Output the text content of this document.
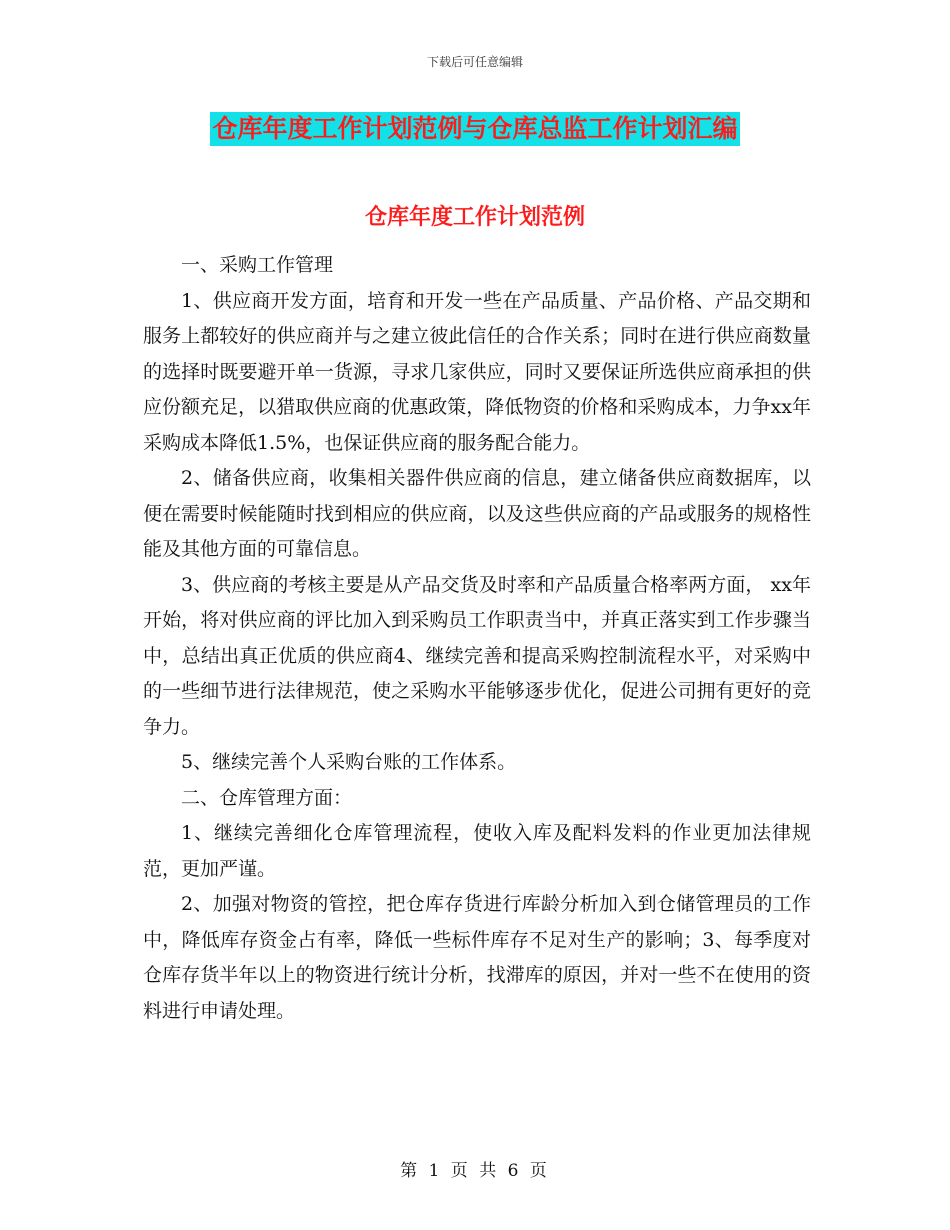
下载后可任意编辑
仓库年度工作计划范例与仓库总监工作计划汇编
仓库年度工作计划范例

一、采购工作管理

1、供应商开发方面，培育和开发一些在产品质量、产品价格、产品交期和服务上都较好的供应商并与之建立彼此信任的合作关系；同时在进行供应商数量的选择时既要避开单一货源，寻求几家供应，同时又要保证所选供应商承担的供应份额充足，以猎取供应商的优惠政策，降低物资的价格和采购成本，力争xx年采购成本降低1.5%，也保证供应商的服务配合能力。

2、储备供应商，收集相关器件供应商的信息，建立储备供应商数据库，以便在需要时候能随时找到相应的供应商，以及这些供应商的产品或服务的规格性能及其他方面的可靠信息。

3、供应商的考核主要是从产品交货及时率和产品质量合格率两方面， xx年开始，将对供应商的评比加入到采购员工作职责当中，并真正落实到工作步骤当中，总结出真正优质的供应商4、继续完善和提高采购控制流程水平，对采购中的一些细节进行法律规范，使之采购水平能够逐步优化，促进公司拥有更好的竞争力。

5、继续完善个人采购台账的工作体系。

二、仓库管理方面：

1、继续完善细化仓库管理流程，使收入库及配料发料的作业更加法律规范，更加严谨。

2、加强对物资的管控，把仓库存货进行库龄分析加入到仓储管理员的工作中，降低库存资金占有率，降低一些标件库存不足对生产的影响；3、每季度对仓库存货半年以上的物资进行统计分析，找滞库的原因，并对一些不在使用的资料进行申请处理。

第 1 页 共 6 页
